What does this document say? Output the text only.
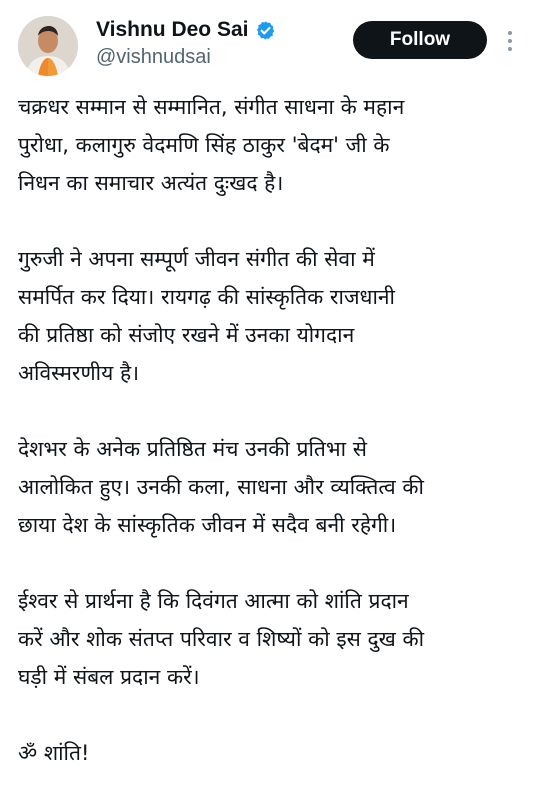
Vishnu Deo Sai
@vishnudsai
Follow

चक्रधर सम्मान से सम्मानित, संगीत साधना के महान
पुरोधा, कलागुरु वेदमणि सिंह ठाकुर 'बेदम' जी के
निधन का समाचार अत्यंत दुःखद है।

गुरुजी ने अपना सम्पूर्ण जीवन संगीत की सेवा में
समर्पित कर दिया। रायगढ़ की सांस्कृतिक राजधानी
की प्रतिष्ठा को संजोए रखने में उनका योगदान
अविस्मरणीय है।

देशभर के अनेक प्रतिष्ठित मंच उनकी प्रतिभा से
आलोकित हुए। उनकी कला, साधना और व्यक्तित्व की
छाया देश के सांस्कृतिक जीवन में सदैव बनी रहेगी।

ईश्वर से प्रार्थना है कि दिवंगत आत्मा को शांति प्रदान
करें और शोक संतप्त परिवार व शिष्यों को इस दुख की
घड़ी में संबल प्रदान करें।

ॐ शांति!
